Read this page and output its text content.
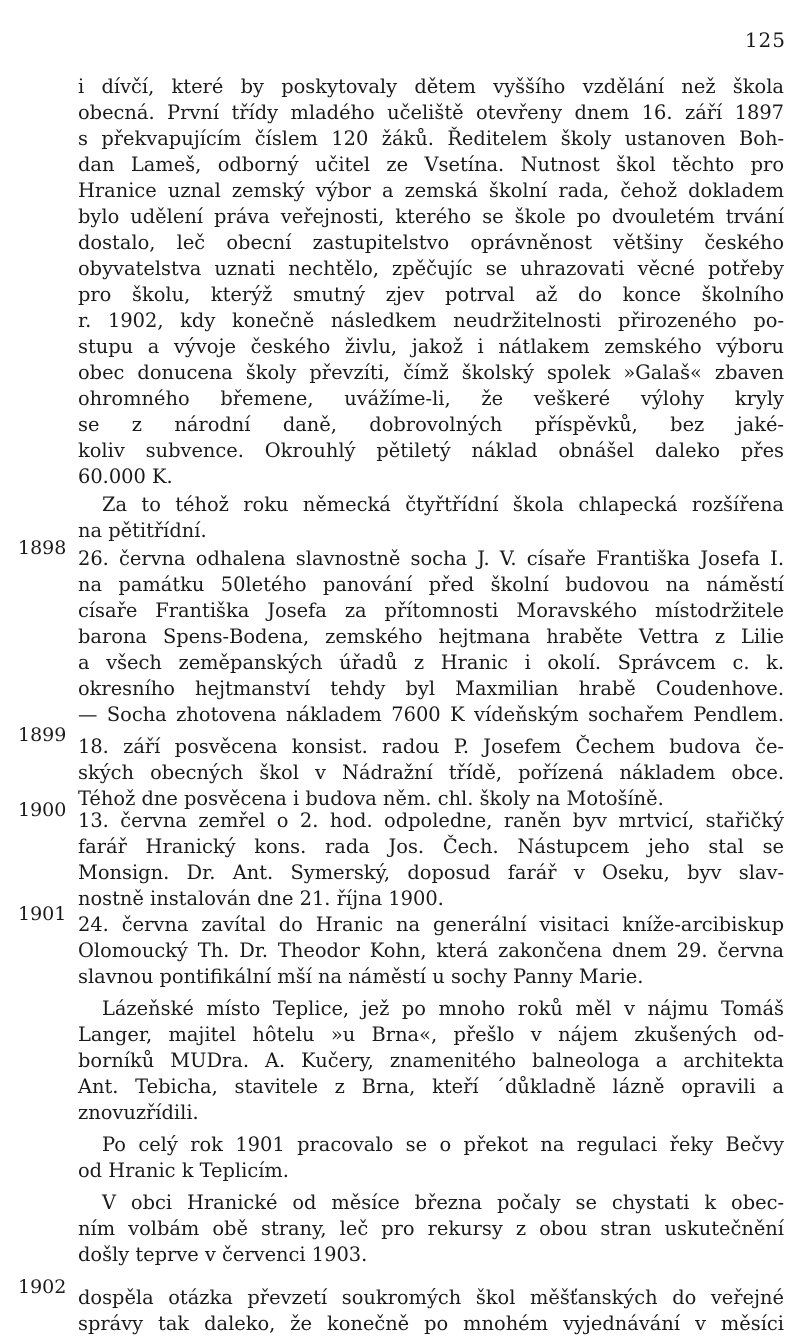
125
1898
1899
1900
1901
1902
i dívčí, které by poskytovaly dětem vyššího vzdělání než škola
obecná. První třídy mladého učeliště otevřeny dnem 16. září 1897
s překvapujícím číslem 120 žáků. Ředitelem školy ustanoven Boh-
dan Lameš, odborný učitel ze Vsetína. Nutnost škol těchto pro
Hranice uznal zemský výbor a zemská školní rada, čehož dokladem
bylo udělení práva veřejnosti, kterého se škole po dvouletém trvání
dostalo, leč obecní zastupitelstvo oprávněnost většiny českého
obyvatelstva uznati nechtělo, zpěčujíc se uhrazovati věcné potřeby
pro školu, kterýž smutný zjev potrval až do konce školního
r. 1902, kdy konečně následkem neudržitelnosti přirozeného po-
stupu a vývoje českého živlu, jakož i nátlakem zemského výboru
obec donucena školy převzíti, čímž školský spolek »Galaš« zbaven
ohromného břemene, uvážíme-li, že veškeré výlohy kryly
se z národní daně, dobrovolných příspěvků, bez jaké-
koliv subvence. Okrouhlý pětiletý náklad obnášel daleko přes
60.000 K.
Za to téhož roku německá čtyřtřídní škola chlapecká rozšířena
na pětitřídní.
26. června odhalena slavnostně socha J. V. císaře Františka Josefa I.
na památku 50letého panování před školní budovou na náměstí
císaře Františka Josefa za přítomnosti Moravského místodržitele
barona Spens-Bodena, zemského hejtmana hraběte Vettra z Lilie
a všech zeměpanských úřadů z Hranic i okolí. Správcem c. k.
okresního hejtmanství tehdy byl Maxmilian hrabě Coudenhove.
— Socha zhotovena nákladem 7600 K vídeňským sochařem Pendlem.
18. září posvěcena konsist. radou P. Josefem Čechem budova če-
ských obecných škol v Nádražní třídě, pořízená nákladem obce.
Téhož dne posvěcena i budova něm. chl. školy na Motošíně.
13. června zemřel o 2. hod. odpoledne, raněn byv mrtvicí, stařičký
farář Hranický kons. rada Jos. Čech. Nástupcem jeho stal se
Monsign. Dr. Ant. Symerský, doposud farář v Oseku, byv slav-
nostně instalován dne 21. října 1900.
24. června zavítal do Hranic na generální visitaci kníže-arcibiskup
Olomoucký Th. Dr. Theodor Kohn, která zakončena dnem 29. června
slavnou pontifikální mší na náměstí u sochy Panny Marie.
Lázeňské místo Teplice, jež po mnoho roků měl v nájmu Tomáš
Langer, majitel hôtelu »u Brna«, přešlo v nájem zkušených od-
borníků MUDra. A. Kučery, znamenitého balneologa a architekta
Ant. Tebicha, stavitele z Brna, kteří ´důkladně lázně opravili a
znovuzřídili.
Po celý rok 1901 pracovalo se o překot na regulaci řeky Bečvy
od Hranic k Teplicím.
V obci Hranické od měsíce března počaly se chystati k obec-
ním volbám obě strany, leč pro rekursy z obou stran uskutečnění
došly teprve v červenci 1903.
dospěla otázka převzetí soukromých škol měšťanských do veřejné
správy tak daleko, že konečně po mnohém vyjednávání v měsíci
